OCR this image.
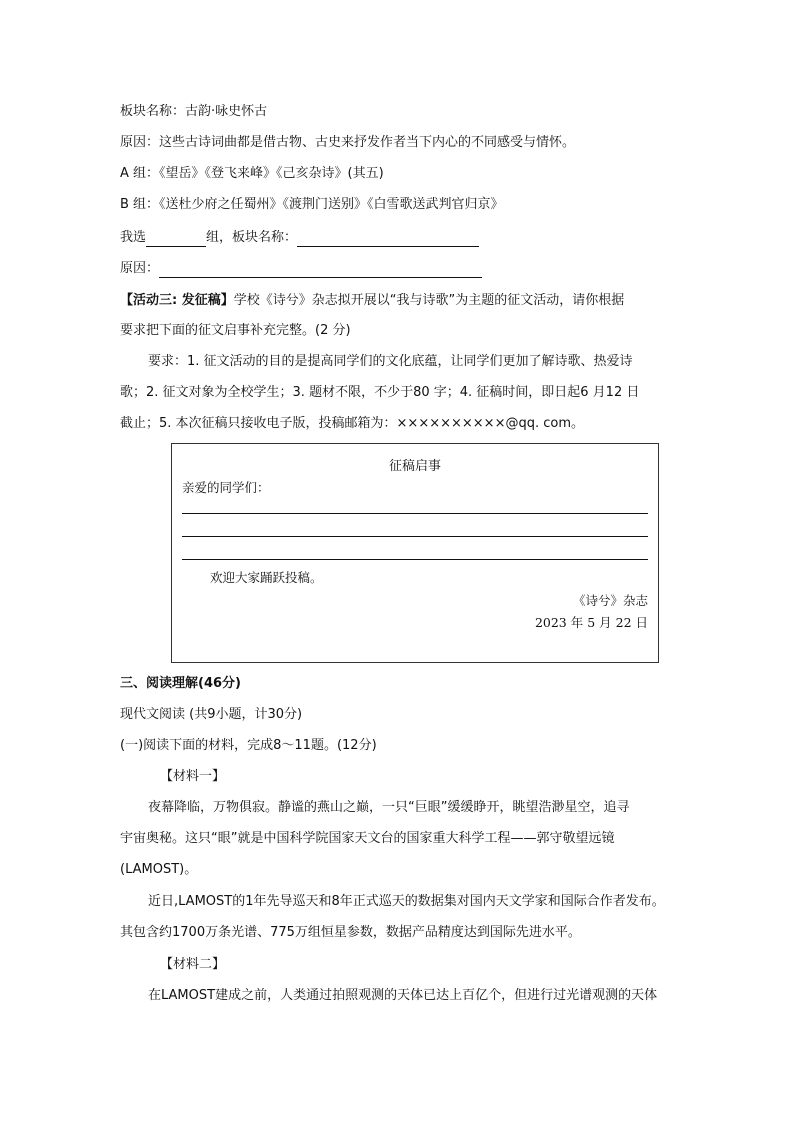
板块名称：古韵·咏史怀古
原因：这些古诗词曲都是借古物、古史来抒发作者当下内心的不同感受与情怀。
A 组：《望岳》《登飞来峰》《己亥杂诗》(其五)
B 组：《送杜少府之任蜀州》《渡荆门送别》《白雪歌送武判官归京》
我选	组，板块名称：
原因：
【活动三: 发征稿】学校《诗兮》杂志拟开展以“我与诗歌”为主题的征文活动，请你根据
要求把下面的征文启事补充完整。(2 分)
要求：1. 征文活动的目的是提高同学们的文化底蕴，让同学们更加了解诗歌、热爱诗
歌；2. 征文对象为全校学生；3. 题材不限，不少于80 字；4. 征稿时间，即日起6 月12 日
截止；5. 本次征稿只接收电子版，投稿邮箱为：××××××××××@qq. com。
征稿启事
亲爱的同学们：
欢迎大家踊跃投稿。
《诗兮》杂志
2023 年 5 月 22 日
三、阅读理解(46分)
现代文阅读 (共9小题，计30分)
(一)阅读下面的材料，完成8～11题。(12分)
【材料一】
夜幕降临，万物俱寂。静谧的燕山之巅，一只“巨眼”缓缓睁开，眺望浩渺星空，追寻
宇宙奥秘。这只“眼”就是中国科学院国家天文台的国家重大科学工程——郭守敬望远镜
(LAMOST)。
近日,LAMOST的1年先导巡天和8年正式巡天的数据集对国内天文学家和国际合作者发布。
其包含约1700万条光谱、775万组恒星参数，数据产品精度达到国际先进水平。
【材料二】
在LAMOST建成之前，人类通过拍照观测的天体已达上百亿个，但进行过光谱观测的天体
